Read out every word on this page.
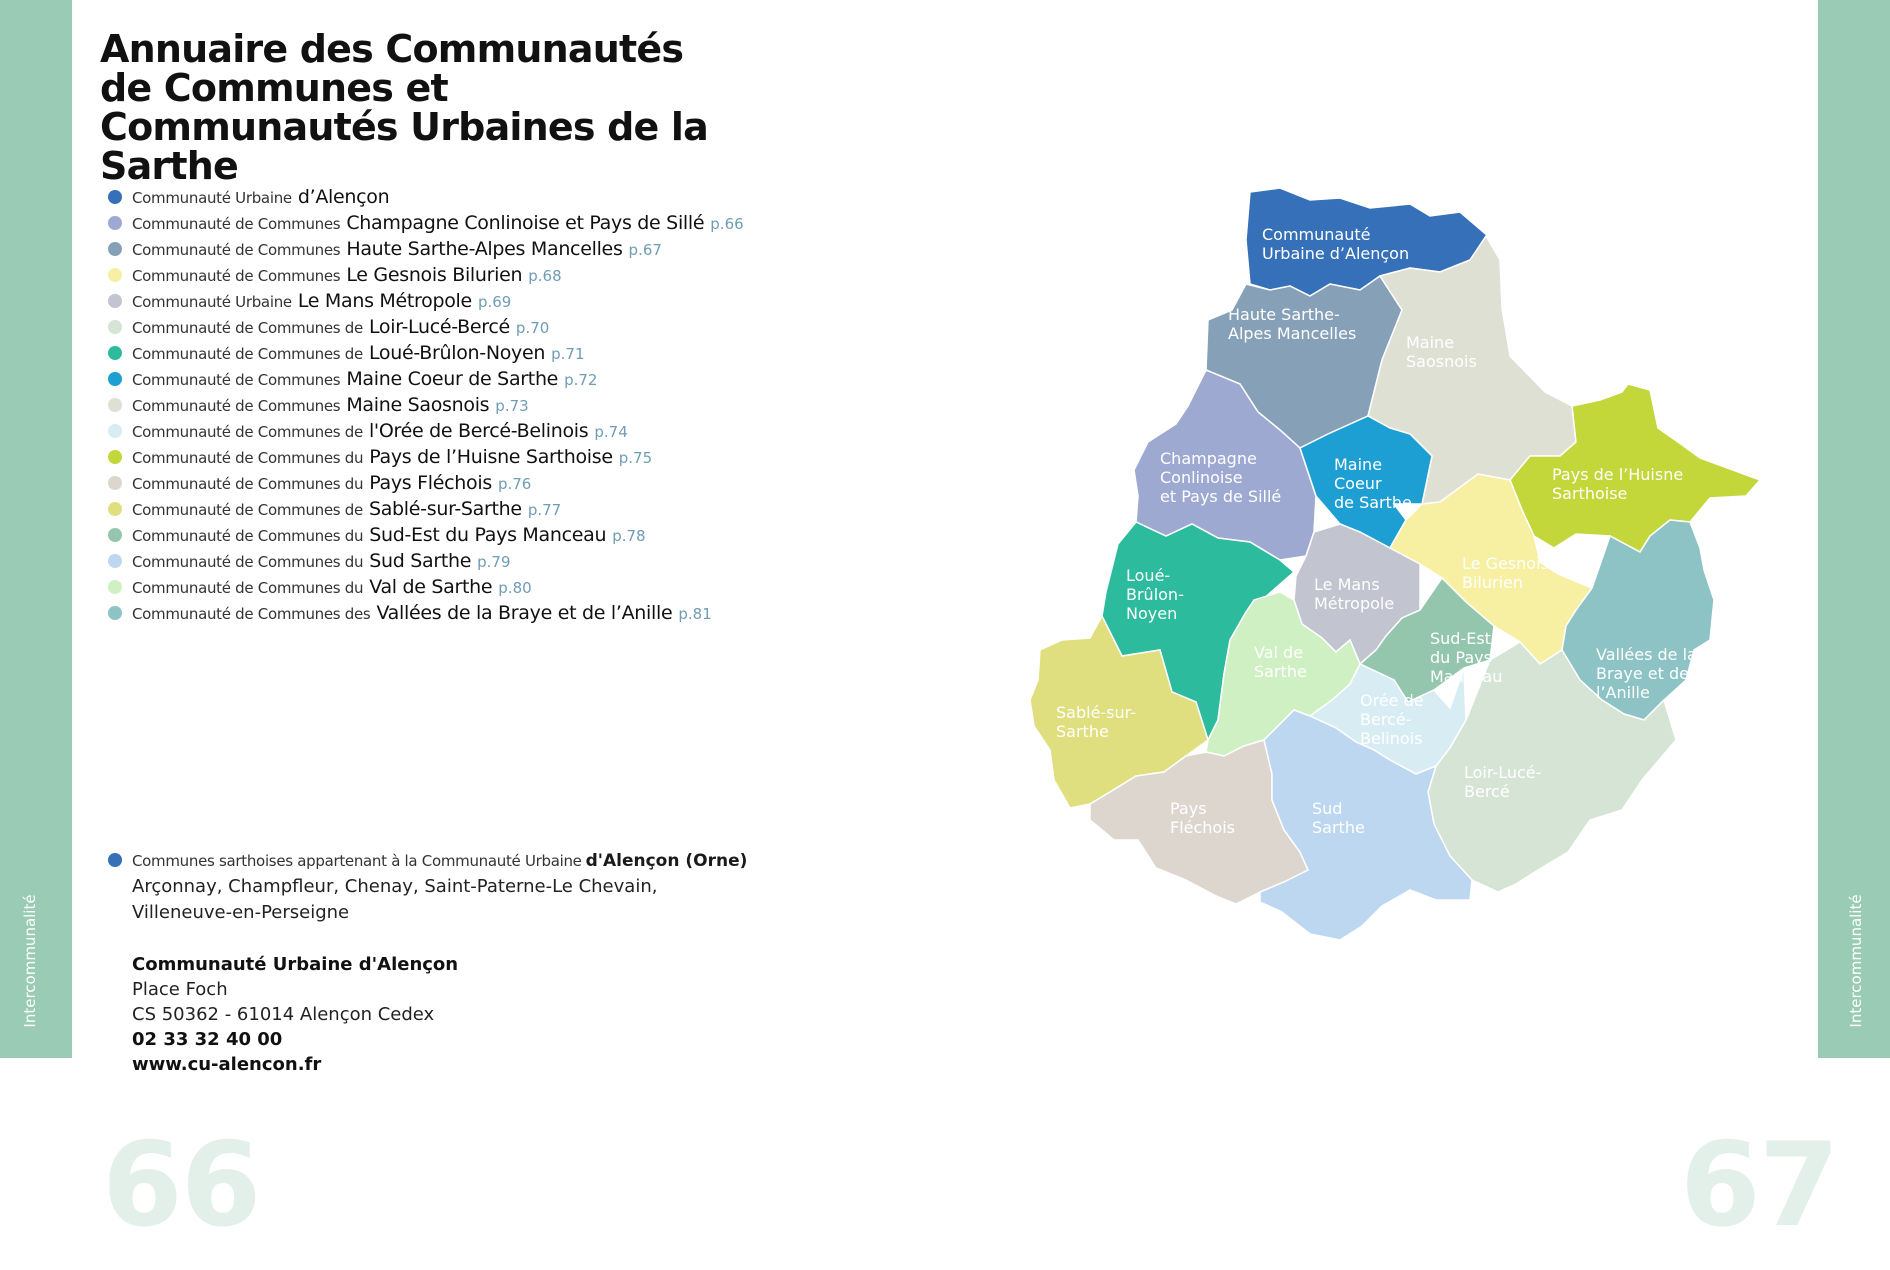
Intercommunalité	Intercommunalité
Annuaire des Communautés de Communes et Communautés Urbaines de la Sarthe
Communauté Urbaine d’Alençon
Communauté de Communes Champagne Conlinoise et Pays de Sillé p.66
Communauté de Communes Haute Sarthe-Alpes Mancelles p.67
Communauté de Communes Le Gesnois Bilurien p.68
Communauté Urbaine Le Mans Métropole p.69
Communauté de Communes de Loir-Lucé-Bercé p.70
Communauté de Communes de Loué-Brûlon-Noyen p.71
Communauté de Communes Maine Coeur de Sarthe p.72
Communauté de Communes Maine Saosnois p.73
Communauté de Communes de l'Orée de Bercé-Belinois p.74
Communauté de Communes du Pays de l’Huisne Sarthoise p.75
Communauté de Communes du Pays Fléchois p.76
Communauté de Communes de Sablé-sur-Sarthe p.77
Communauté de Communes du Sud-Est du Pays Manceau p.78
Communauté de Communes du Sud Sarthe p.79
Communauté de Communes du Val de Sarthe p.80
Communauté de Communes des Vallées de la Braye et de l’Anille p.81
Communes sarthoises appartenant à la Communauté Urbaine d'Alençon (Orne)
Arçonnay, Champfleur, Chenay, Saint-Paterne-Le Chevain,
Villeneuve-en-Perseigne
Communauté Urbaine d'Alençon
Place Foch
CS 50362 - 61014 Alençon Cedex
02 33 32 40 00
www.cu-alencon.fr
66	67
Communauté Urbaine d’Alençon
Haute Sarthe-Alpes Mancelles	Maine Saosnois
Champagne Conlinoise et Pays de Sillé
Maine Coeur de Sarthe
Pays de l’Huisne Sarthoise
Loué-Brûlon-Noyen
Le Mans Métropole
Le Gesnois Bilurien
Val de Sarthe
Sud-Est du Pays Manceau
Vallées de la Braye et de l’Anille
Sablé-sur-Sarthe
Orée de Bercé-Belinois
Loir-Lucé-Bercé
Pays Fléchois
Sud Sarthe
